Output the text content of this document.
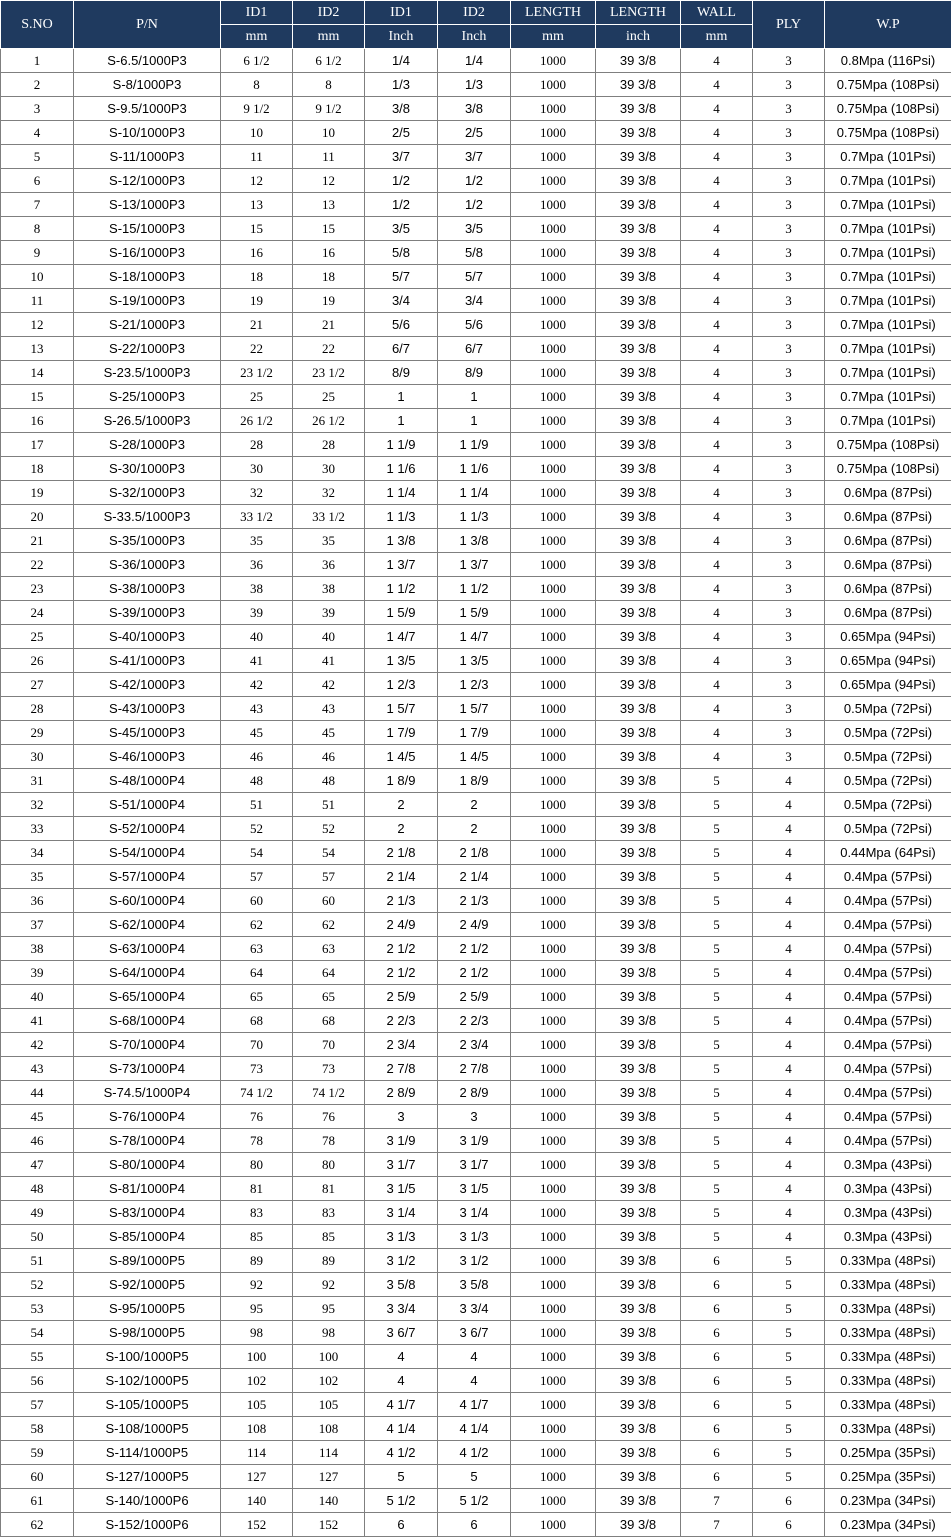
S.NO	P/N	ID1	ID2	ID1	ID2	LENGTH	LENGTH	WALL	PLY	W.P
		mm	mm	Inch	Inch	mm	inch	mm		
1	S-6.5/1000P3	6 1/2	6 1/2	1/4	1/4	1000	39 3/8	4	3	0.8Mpa (116Psi)
2	S-8/1000P3	8	8	1/3	1/3	1000	39 3/8	4	3	0.75Mpa (108Psi)
3	S-9.5/1000P3	9 1/2	9 1/2	3/8	3/8	1000	39 3/8	4	3	0.75Mpa (108Psi)
4	S-10/1000P3	10	10	2/5	2/5	1000	39 3/8	4	3	0.75Mpa (108Psi)
5	S-11/1000P3	11	11	3/7	3/7	1000	39 3/8	4	3	0.7Mpa (101Psi)
6	S-12/1000P3	12	12	1/2	1/2	1000	39 3/8	4	3	0.7Mpa (101Psi)
7	S-13/1000P3	13	13	1/2	1/2	1000	39 3/8	4	3	0.7Mpa (101Psi)
8	S-15/1000P3	15	15	3/5	3/5	1000	39 3/8	4	3	0.7Mpa (101Psi)
9	S-16/1000P3	16	16	5/8	5/8	1000	39 3/8	4	3	0.7Mpa (101Psi)
10	S-18/1000P3	18	18	5/7	5/7	1000	39 3/8	4	3	0.7Mpa (101Psi)
11	S-19/1000P3	19	19	3/4	3/4	1000	39 3/8	4	3	0.7Mpa (101Psi)
12	S-21/1000P3	21	21	5/6	5/6	1000	39 3/8	4	3	0.7Mpa (101Psi)
13	S-22/1000P3	22	22	6/7	6/7	1000	39 3/8	4	3	0.7Mpa (101Psi)
14	S-23.5/1000P3	23 1/2	23 1/2	8/9	8/9	1000	39 3/8	4	3	0.7Mpa (101Psi)
15	S-25/1000P3	25	25	1	1	1000	39 3/8	4	3	0.7Mpa (101Psi)
16	S-26.5/1000P3	26 1/2	26 1/2	1	1	1000	39 3/8	4	3	0.7Mpa (101Psi)
17	S-28/1000P3	28	28	1 1/9	1 1/9	1000	39 3/8	4	3	0.75Mpa (108Psi)
18	S-30/1000P3	30	30	1 1/6	1 1/6	1000	39 3/8	4	3	0.75Mpa (108Psi)
19	S-32/1000P3	32	32	1 1/4	1 1/4	1000	39 3/8	4	3	0.6Mpa (87Psi)
20	S-33.5/1000P3	33 1/2	33 1/2	1 1/3	1 1/3	1000	39 3/8	4	3	0.6Mpa (87Psi)
21	S-35/1000P3	35	35	1 3/8	1 3/8	1000	39 3/8	4	3	0.6Mpa (87Psi)
22	S-36/1000P3	36	36	1 3/7	1 3/7	1000	39 3/8	4	3	0.6Mpa (87Psi)
23	S-38/1000P3	38	38	1 1/2	1 1/2	1000	39 3/8	4	3	0.6Mpa (87Psi)
24	S-39/1000P3	39	39	1 5/9	1 5/9	1000	39 3/8	4	3	0.6Mpa (87Psi)
25	S-40/1000P3	40	40	1 4/7	1 4/7	1000	39 3/8	4	3	0.65Mpa (94Psi)
26	S-41/1000P3	41	41	1 3/5	1 3/5	1000	39 3/8	4	3	0.65Mpa (94Psi)
27	S-42/1000P3	42	42	1 2/3	1 2/3	1000	39 3/8	4	3	0.65Mpa (94Psi)
28	S-43/1000P3	43	43	1 5/7	1 5/7	1000	39 3/8	4	3	0.5Mpa (72Psi)
29	S-45/1000P3	45	45	1 7/9	1 7/9	1000	39 3/8	4	3	0.5Mpa (72Psi)
30	S-46/1000P3	46	46	1 4/5	1 4/5	1000	39 3/8	4	3	0.5Mpa (72Psi)
31	S-48/1000P4	48	48	1 8/9	1 8/9	1000	39 3/8	5	4	0.5Mpa (72Psi)
32	S-51/1000P4	51	51	2	2	1000	39 3/8	5	4	0.5Mpa (72Psi)
33	S-52/1000P4	52	52	2	2	1000	39 3/8	5	4	0.5Mpa (72Psi)
34	S-54/1000P4	54	54	2 1/8	2 1/8	1000	39 3/8	5	4	0.44Mpa (64Psi)
35	S-57/1000P4	57	57	2 1/4	2 1/4	1000	39 3/8	5	4	0.4Mpa (57Psi)
36	S-60/1000P4	60	60	2 1/3	2 1/3	1000	39 3/8	5	4	0.4Mpa (57Psi)
37	S-62/1000P4	62	62	2 4/9	2 4/9	1000	39 3/8	5	4	0.4Mpa (57Psi)
38	S-63/1000P4	63	63	2 1/2	2 1/2	1000	39 3/8	5	4	0.4Mpa (57Psi)
39	S-64/1000P4	64	64	2 1/2	2 1/2	1000	39 3/8	5	4	0.4Mpa (57Psi)
40	S-65/1000P4	65	65	2 5/9	2 5/9	1000	39 3/8	5	4	0.4Mpa (57Psi)
41	S-68/1000P4	68	68	2 2/3	2 2/3	1000	39 3/8	5	4	0.4Mpa (57Psi)
42	S-70/1000P4	70	70	2 3/4	2 3/4	1000	39 3/8	5	4	0.4Mpa (57Psi)
43	S-73/1000P4	73	73	2 7/8	2 7/8	1000	39 3/8	5	4	0.4Mpa (57Psi)
44	S-74.5/1000P4	74 1/2	74 1/2	2 8/9	2 8/9	1000	39 3/8	5	4	0.4Mpa (57Psi)
45	S-76/1000P4	76	76	3	3	1000	39 3/8	5	4	0.4Mpa (57Psi)
46	S-78/1000P4	78	78	3 1/9	3 1/9	1000	39 3/8	5	4	0.4Mpa (57Psi)
47	S-80/1000P4	80	80	3 1/7	3 1/7	1000	39 3/8	5	4	0.3Mpa (43Psi)
48	S-81/1000P4	81	81	3 1/5	3 1/5	1000	39 3/8	5	4	0.3Mpa (43Psi)
49	S-83/1000P4	83	83	3 1/4	3 1/4	1000	39 3/8	5	4	0.3Mpa (43Psi)
50	S-85/1000P4	85	85	3 1/3	3 1/3	1000	39 3/8	5	4	0.3Mpa (43Psi)
51	S-89/1000P5	89	89	3 1/2	3 1/2	1000	39 3/8	6	5	0.33Mpa (48Psi)
52	S-92/1000P5	92	92	3 5/8	3 5/8	1000	39 3/8	6	5	0.33Mpa (48Psi)
53	S-95/1000P5	95	95	3 3/4	3 3/4	1000	39 3/8	6	5	0.33Mpa (48Psi)
54	S-98/1000P5	98	98	3 6/7	3 6/7	1000	39 3/8	6	5	0.33Mpa (48Psi)
55	S-100/1000P5	100	100	4	4	1000	39 3/8	6	5	0.33Mpa (48Psi)
56	S-102/1000P5	102	102	4	4	1000	39 3/8	6	5	0.33Mpa (48Psi)
57	S-105/1000P5	105	105	4 1/7	4 1/7	1000	39 3/8	6	5	0.33Mpa (48Psi)
58	S-108/1000P5	108	108	4 1/4	4 1/4	1000	39 3/8	6	5	0.33Mpa (48Psi)
59	S-114/1000P5	114	114	4 1/2	4 1/2	1000	39 3/8	6	5	0.25Mpa (35Psi)
60	S-127/1000P5	127	127	5	5	1000	39 3/8	6	5	0.25Mpa (35Psi)
61	S-140/1000P6	140	140	5 1/2	5 1/2	1000	39 3/8	7	6	0.23Mpa (34Psi)
62	S-152/1000P6	152	152	6	6	1000	39 3/8	7	6	0.23Mpa (34Psi)
